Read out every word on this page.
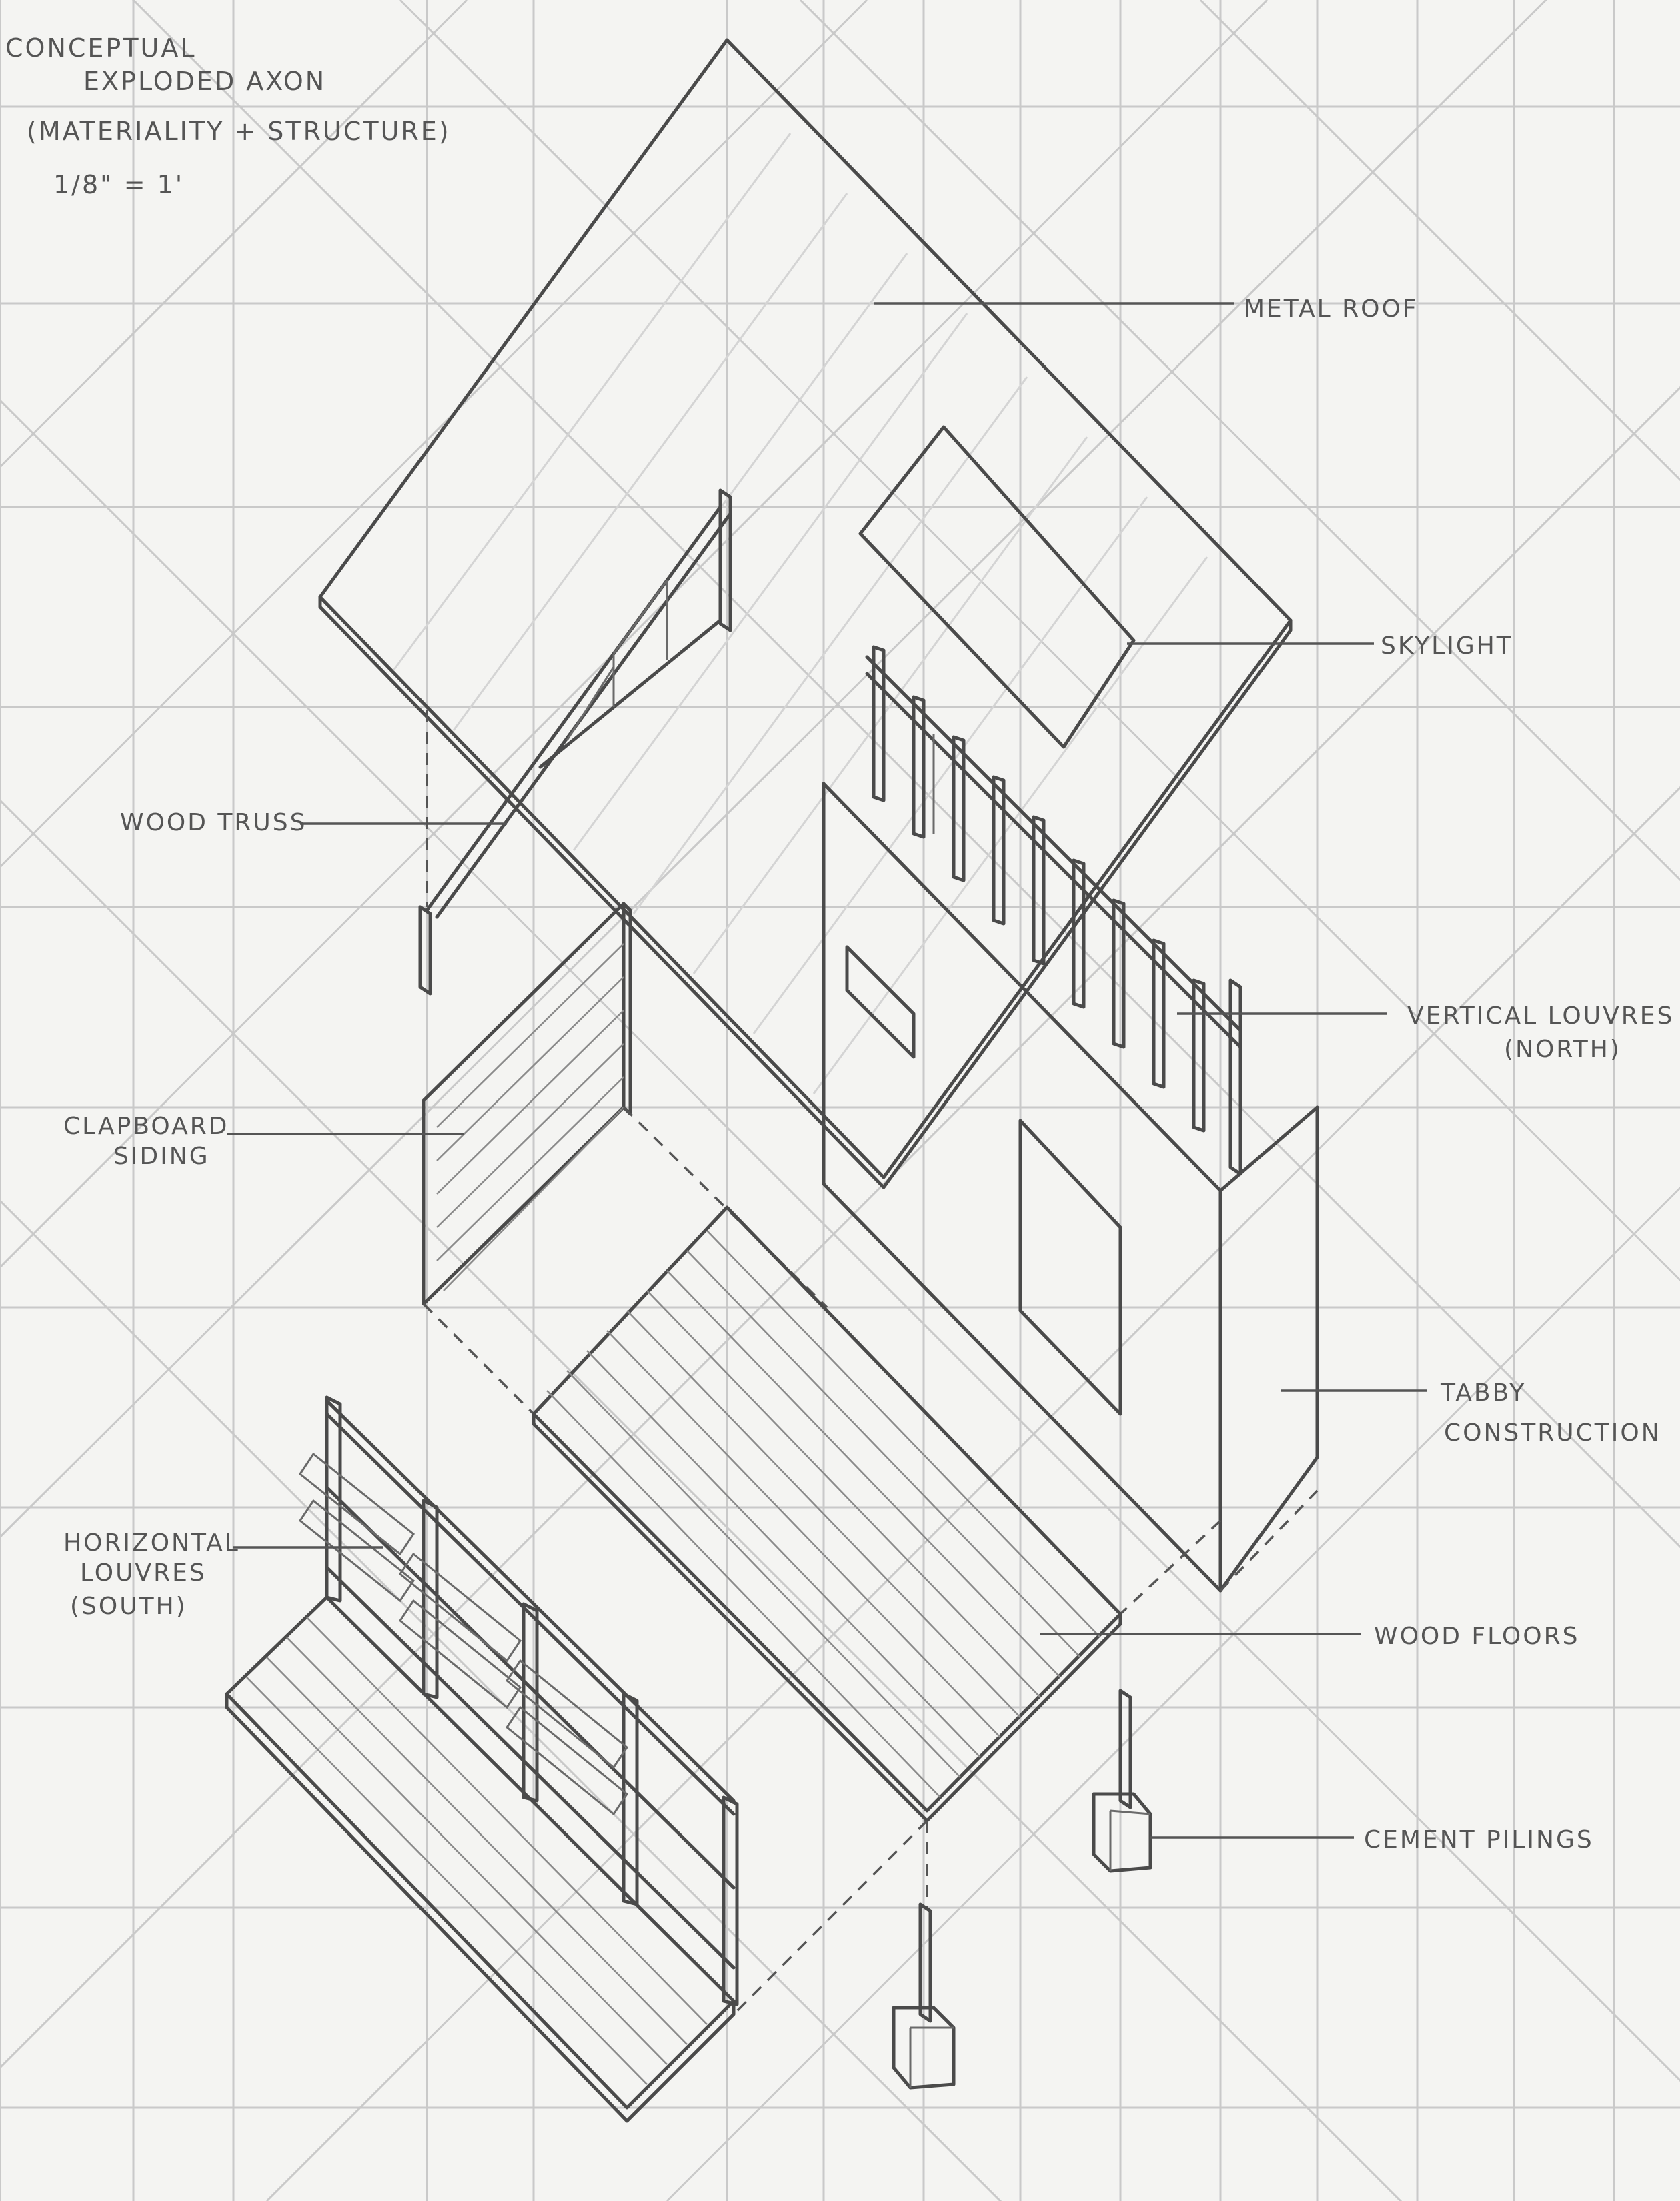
CONCEPTUAL
EXPLODED AXON
(MATERIALITY + STRUCTURE)
1/8" = 1'
METAL ROOF
SKYLIGHT
WOOD TRUSS
VERTICAL LOUVRES
(NORTH)
CLAPBOARD
SIDING
TABBY
CONSTRUCTION
HORIZONTAL
LOUVRES
(SOUTH)
WOOD FLOORS
CEMENT PILINGS
